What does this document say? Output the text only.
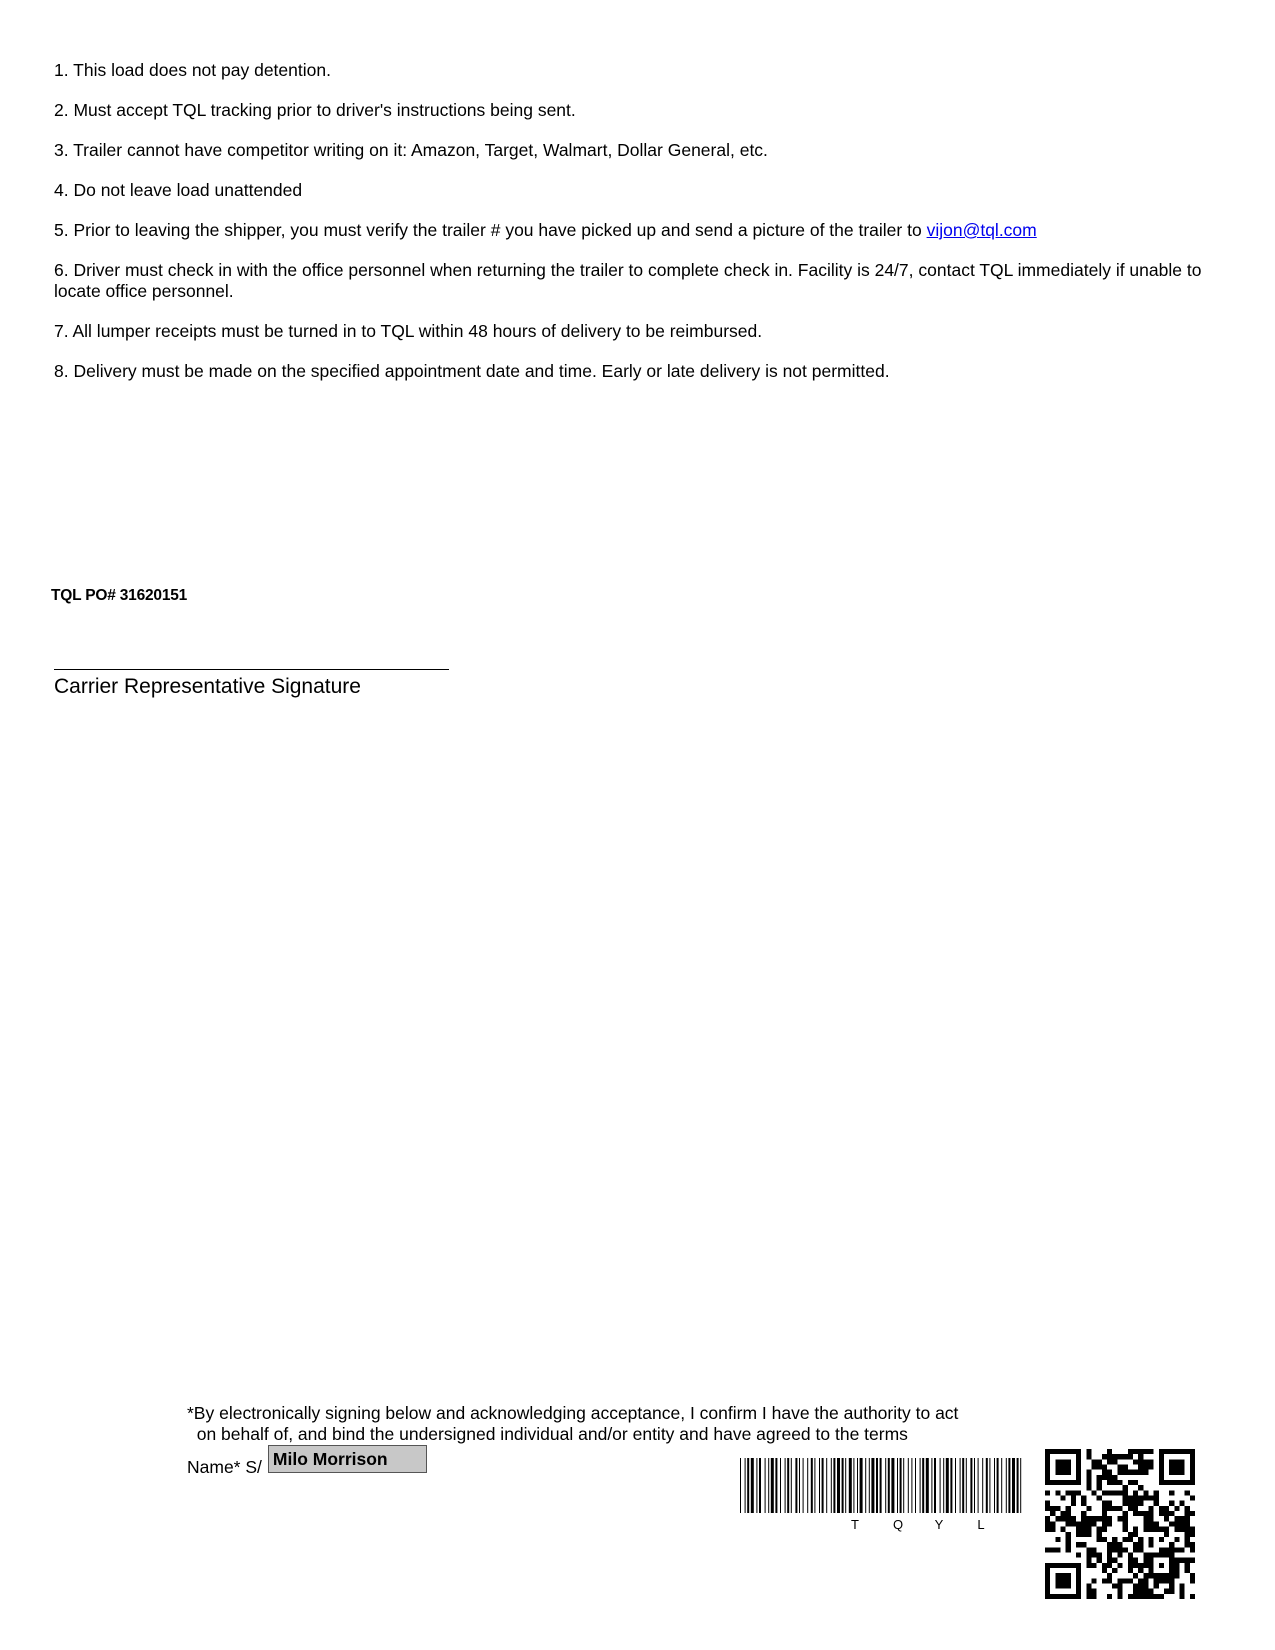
1. This load does not pay detention.
2. Must accept TQL tracking prior to driver's instructions being sent.
3. Trailer cannot have competitor writing on it: Amazon, Target, Walmart, Dollar General, etc.
4. Do not leave load unattended
5. Prior to leaving the shipper, you must verify the trailer # you have picked up and send a picture of the trailer to vijon@tql.com
6. Driver must check in with the office personnel when returning the trailer to complete check in. Facility is 24/7, contact TQL immediately if unable to locate office personnel.
7. All lumper receipts must be turned in to TQL within 48 hours of delivery to be reimbursed.
8. Delivery must be made on the specified appointment date and time. Early or late delivery is not permitted.
TQL PO# 31620151
Carrier Representative Signature
*By electronically signing below and acknowledging acceptance, I confirm I have the authority to act
on behalf of, and bind the undersigned individual and/or entity and have agreed to the terms
Name* S/ Milo Morrison
T	Q Y	L
